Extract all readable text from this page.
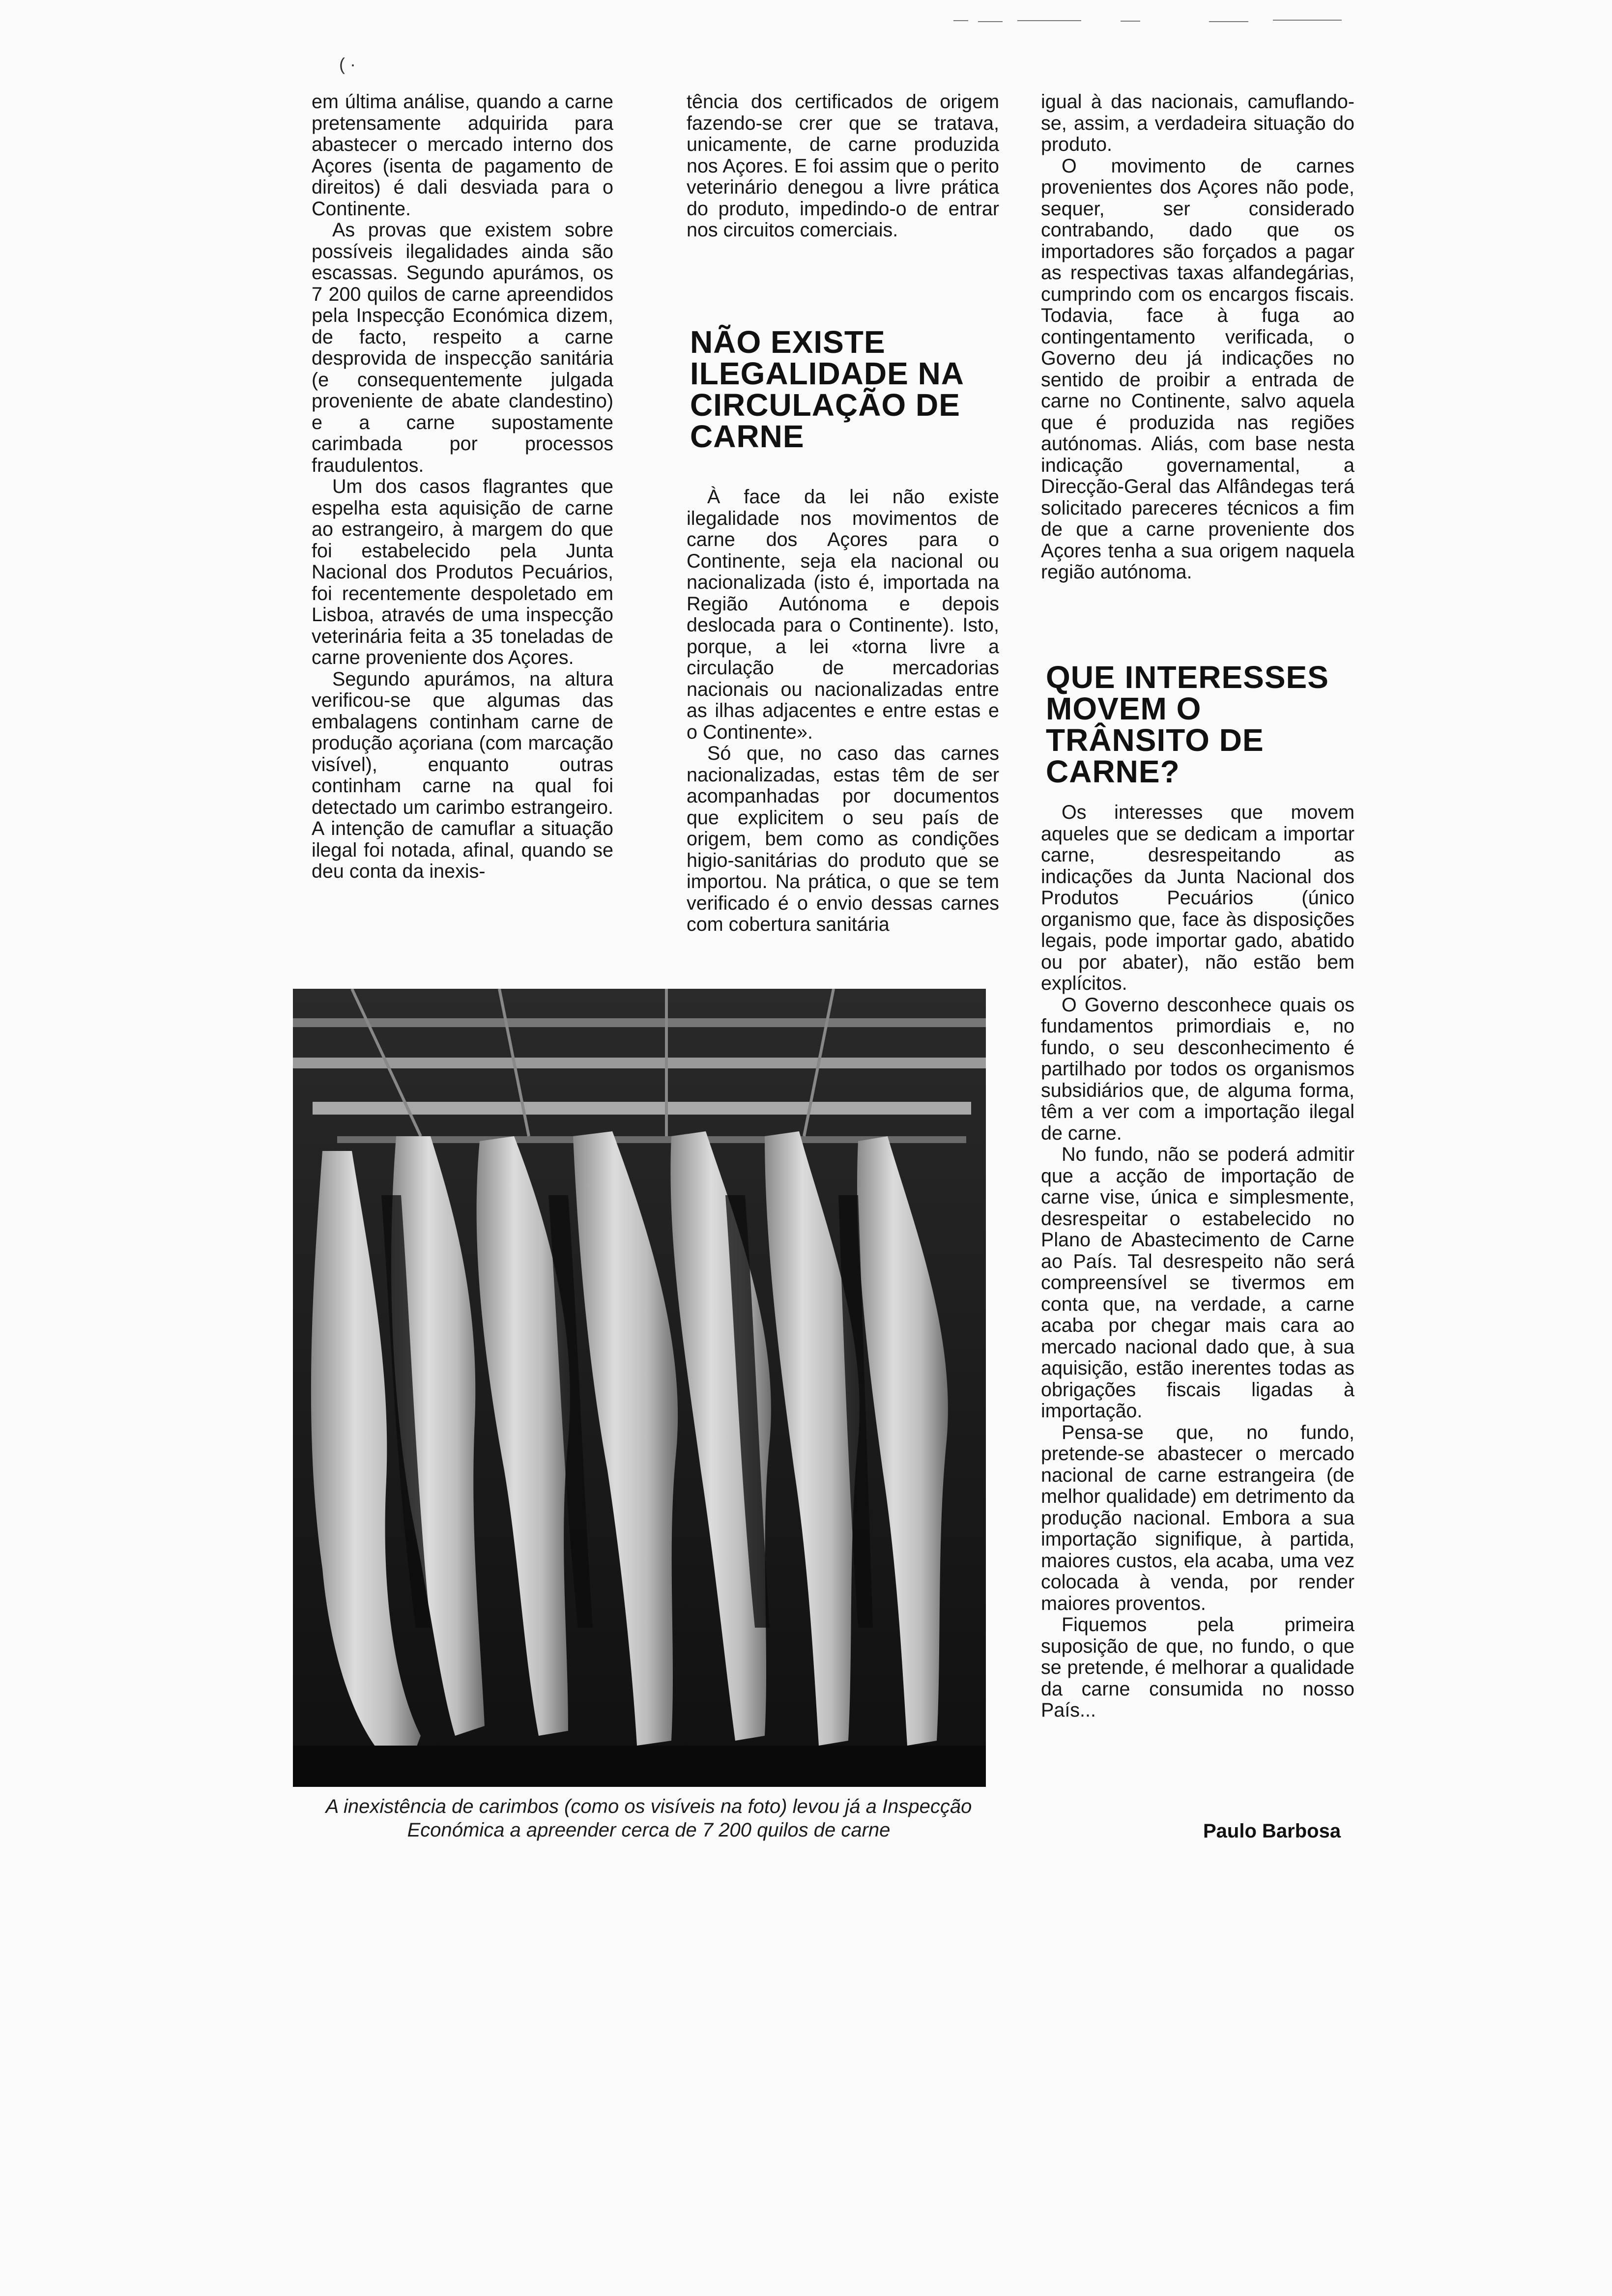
( ·

em última análise, quando a carne pretensamente adquirida para abastecer o mercado interno dos Açores (isenta de pagamento de direitos) é dali desviada para o Continente.

As provas que existem sobre possíveis ilegalidades ainda são escassas. Segundo apurámos, os 7 200 quilos de carne apreendidos pela Inspecção Económica dizem, de facto, respeito a carne desprovida de inspecção sanitária (e consequentemente julgada proveniente de abate clandestino) e a carne supostamente carimbada por processos fraudulentos.

Um dos casos flagrantes que espelha esta aquisição de carne ao estrangeiro, à margem do que foi estabelecido pela Junta Nacional dos Produtos Pecuários, foi recentemente despoletado em Lisboa, através de uma inspecção veterinária feita a 35 toneladas de carne proveniente dos Açores.

Segundo apurámos, na altura verificou-se que algumas das embalagens continham carne de produção açoriana (com marcação visível), enquanto outras continham carne na qual foi detectado um carimbo estrangeiro. A intenção de camuflar a situação ilegal foi notada, afinal, quando se deu conta da inexis-

tência dos certificados de origem fazendo-se crer que se tratava, unicamente, de carne produzida nos Açores. E foi assim que o perito veterinário denegou a livre prática do produto, impedindo-o de entrar nos circuitos comerciais.

NÃO EXISTE ILEGALIDADE NA CIRCULAÇÃO DE CARNE

À face da lei não existe ilegalidade nos movimentos de carne dos Açores para o Continente, seja ela nacional ou nacionalizada (isto é, importada na Região Autónoma e depois deslocada para o Continente). Isto, porque, a lei «torna livre a circulação de mercadorias nacionais ou nacionalizadas entre as ilhas adjacentes e entre estas e o Continente».

Só que, no caso das carnes nacionalizadas, estas têm de ser acompanhadas por documentos que explicitem o seu país de origem, bem como as condições higio-sanitárias do produto que se importou. Na prática, o que se tem verificado é o envio dessas carnes com cobertura sanitária

igual à das nacionais, camuflando-se, assim, a verdadeira situação do produto.

O movimento de carnes provenientes dos Açores não pode, sequer, ser considerado contrabando, dado que os importadores são forçados a pagar as respectivas taxas alfandegárias, cumprindo com os encargos fiscais. Todavia, face à fuga ao contingentamento verificada, o Governo deu já indicações no sentido de proibir a entrada de carne no Continente, salvo aquela que é produzida nas regiões autónomas. Aliás, com base nesta indicação governamental, a Direcção-Geral das Alfândegas terá solicitado pareceres técnicos a fim de que a carne proveniente dos Açores tenha a sua origem naquela região autónoma.

QUE INTERESSES MOVEM O TRÂNSITO DE CARNE?

Os interesses que movem aqueles que se dedicam a importar carne, desrespeitando as indicações da Junta Nacional dos Produtos Pecuários (único organismo que, face às disposições legais, pode importar gado, abatido ou por abater), não estão bem explícitos.

O Governo desconhece quais os fundamentos primordiais e, no fundo, o seu desconhecimento é partilhado por todos os organismos subsidiários que, de alguma forma, têm a ver com a importação ilegal de carne.

No fundo, não se poderá admitir que a acção de importação de carne vise, única e simplesmente, desrespeitar o estabelecido no Plano de Abastecimento de Carne ao País. Tal desrespeito não será compreensível se tivermos em conta que, na verdade, a carne acaba por chegar mais cara ao mercado nacional dado que, à sua aquisição, estão inerentes todas as obrigações fiscais ligadas à importação.

Pensa-se que, no fundo, pretende-se abastecer o mercado nacional de carne estrangeira (de melhor qualidade) em detrimento da produção nacional. Embora a sua importação signifique, à partida, maiores custos, ela acaba, uma vez colocada à venda, por render maiores proventos.

Fiquemos pela primeira suposição de que, no fundo, o que se pretende, é melhorar a qualidade da carne consumida no nosso País...

Paulo Barbosa
A inexistência de carimbos (como os visíveis na foto) levou já a Inspecção Económica a apreender cerca de 7 200 quilos de carne
